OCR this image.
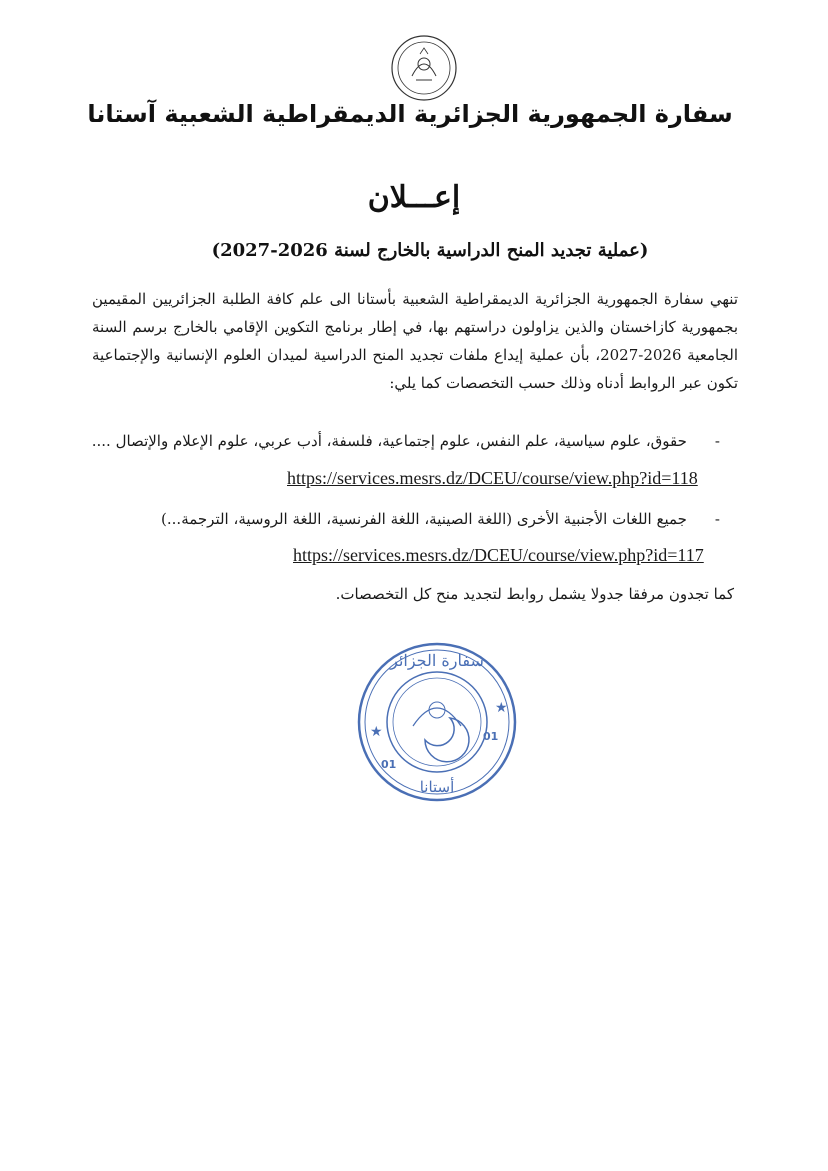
سفارة الجمهورية الجزائرية الديمقراطية الشعبية آستانا
إعـــلان
(عملية تجديد المنح الدراسية بالخارج لسنة 2026-2027)
تنهي سفارة الجمهورية الجزائرية الديمقراطية الشعبية بأستانا الى علم كافة الطلبة الجزائريين المقيمين بجمهورية كازاخستان والذين يزاولون دراستهم بها، في إطار برنامج التكوين الإقامي بالخارج برسم السنة الجامعية 2026-2027، بأن عملية إيداع ملفات تجديد المنح الدراسية لميدان العلوم الإنسانية والإجتماعية تكون عبر الروابط أدناه وذلك حسب التخصصات كما يلي:
-حقوق، علوم سياسية، علم النفس، علوم إجتماعية، فلسفة، أدب عربي، علوم الإعلام والإتصال ....
https://services.mesrs.dz/DCEU/course/view.php?id=118
-جميع اللغات الأجنبية الأخرى (اللغة الصينية، اللغة الفرنسية، اللغة الروسية، الترجمة...)
https://services.mesrs.dz/DCEU/course/view.php?id=117
كما تجدون مرفقا جدولا يشمل روابط لتجديد منح كل التخصصات.
★
★
سفارة الجزائر
أستانا
01
01
